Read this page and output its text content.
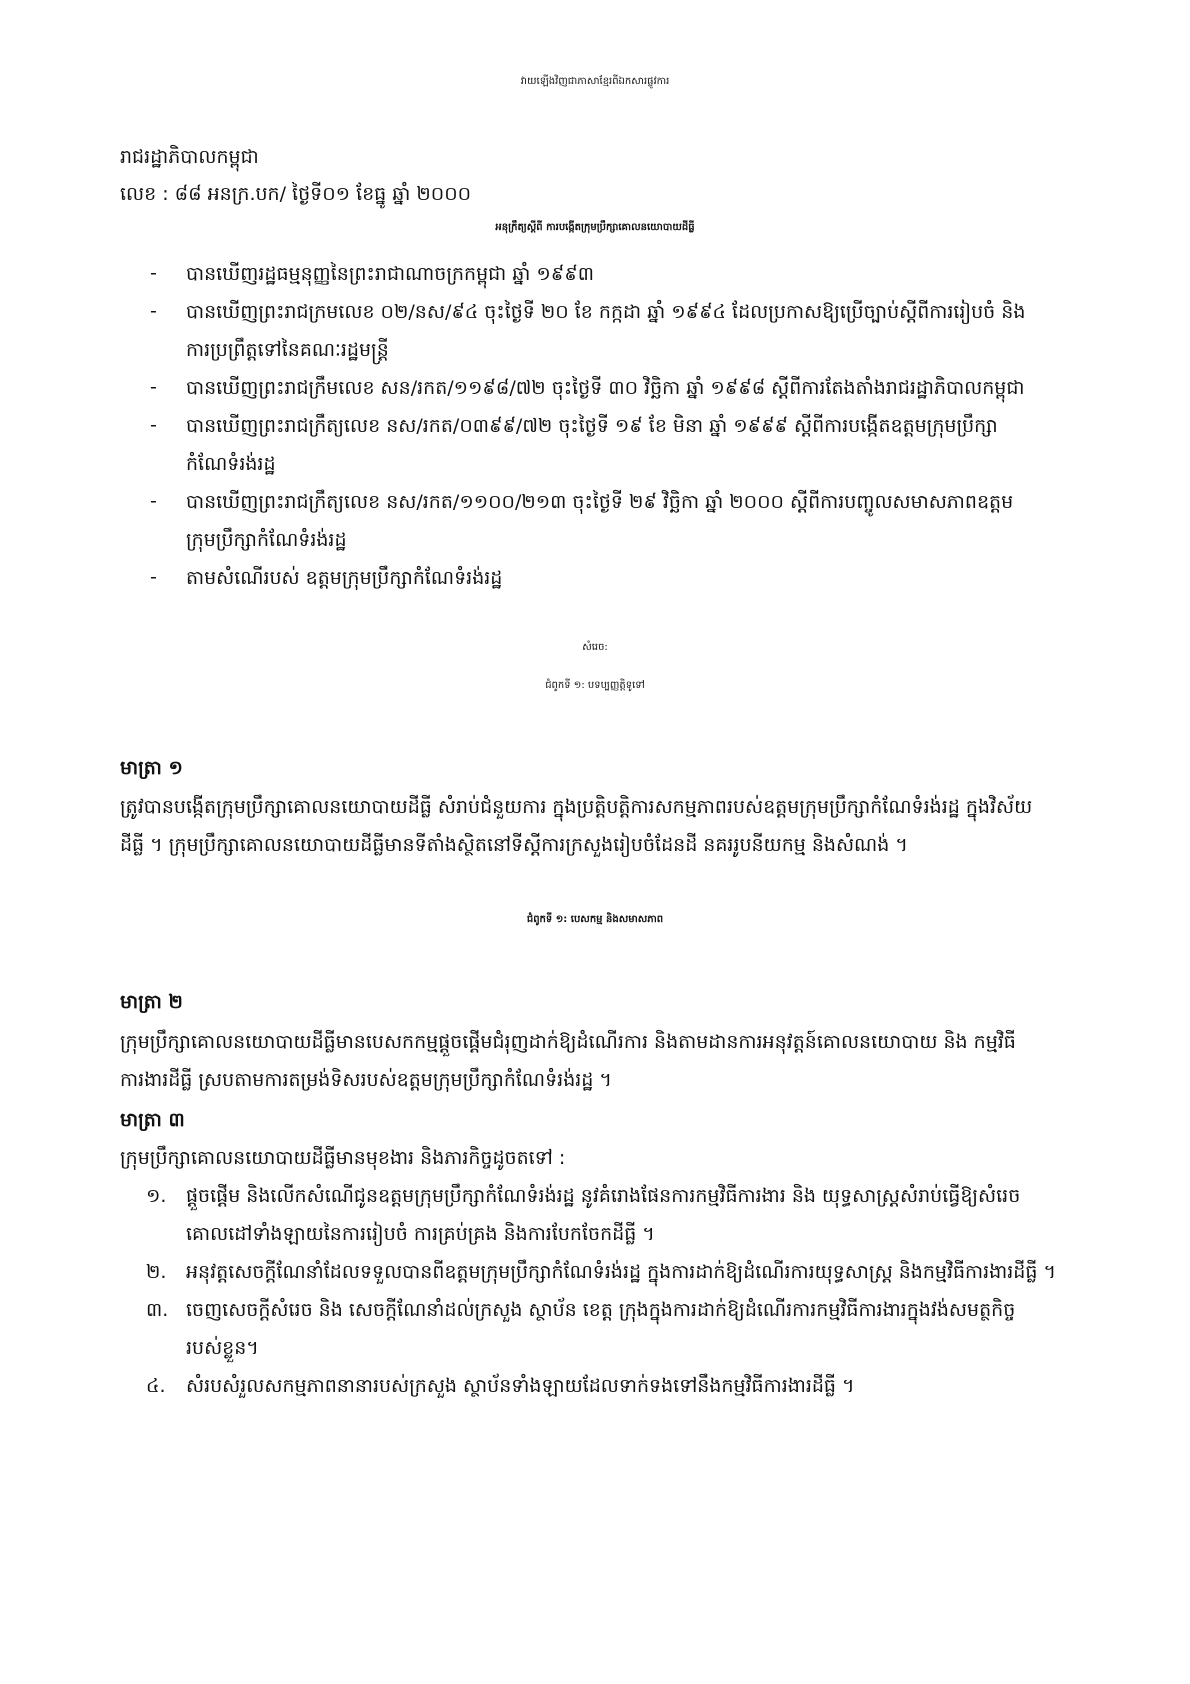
វាយឡើងវិញជាភាសាខ្មែរពីឯកសារផ្លូវការ
រាជរដ្ឋាភិបាលកម្ពុជា
លេខ : ៨៨ អនក្រ.បក/ ថ្ងៃទី០១ ខែធ្នូ ឆ្នាំ ២០០០
អនុក្រឹត្យស្តីពី ការបង្កើតក្រុមប្រឹក្សាគោលនយោបាយដីធ្លី
- បានឃើញរដ្ឋធម្មនុញ្ញនៃព្រះរាជាណាចក្រកម្ពុជា ឆ្នាំ ១៩៩៣
- បានឃើញព្រះរាជក្រមលេខ ០២/នស/៩៤ ចុះថ្ងៃទី ២០ ខែ កក្កដា ឆ្នាំ ១៩៩៤ ដែលប្រកាសឱ្យប្រើច្បាប់ស្តីពីការរៀបចំ និង
ការប្រព្រឹត្តទៅនៃគណៈរដ្ឋមន្ត្រី
- បានឃើញព្រះរាជក្រឹមលេខ សន/រកត/១១៩៨/៧២ ចុះថ្ងៃទី ៣០ វិច្ឆិកា ឆ្នាំ ១៩៩៨ ស្តីពីការតែងតាំងរាជរដ្ឋាភិបាលកម្ពុជា
- បានឃើញព្រះរាជក្រឹត្យលេខ នស/រកត/០៣៩៩/៧២ ចុះថ្ងៃទី ១៩ ខែ មិនា ឆ្នាំ ១៩៩៩ ស្តីពីការបង្កើតឧត្តមក្រុមប្រឹក្សា
កំណែទំរង់រដ្ឋ
- បានឃើញព្រះរាជក្រឹត្យលេខ នស/រកត/១១០០/២១៣ ចុះថ្ងៃទី ២៩ វិច្ឆិកា ឆ្នាំ ២០០០ ស្តីពីការបញ្ចូលសមាសភាពឧត្តម
ក្រុមប្រឹក្សាកំណែទំរង់រដ្ឋ
- តាមសំណើរបស់ ឧត្តមក្រុមប្រឹក្សាកំណែទំរង់រដ្ឋ
សំរេច:
ជំពូកទី ១: បទប្បញ្ញត្តិទូទៅ
មាត្រា ១
ត្រូវបានបង្កើតក្រុមប្រឹក្សាគោលនយោបាយដីធ្លី សំរាប់ជំនួយការ ក្នុងប្រត្តិបត្តិការសកម្មភាពរបស់ឧត្តមក្រុមប្រឹក្សាកំណែទំរង់រដ្ឋ ក្នុងវិស័យ
ដីធ្លី ។ ក្រុមប្រឹក្សាគោលនយោបាយដីធ្លីមានទីតាំងស្ថិតនៅទីស្តីការក្រសួងរៀបចំដែនដី នគររូបនីយកម្ម និងសំណង់ ។
ជំពូកទី ១: បេសកម្ម និងសមាសភាព
មាត្រា ២
ក្រុមប្រឹក្សាគោលនយោបាយដីធ្លីមានបេសកកម្មផ្តួចផ្តើមជំរុញដាក់ឱ្យដំណើរការ និងតាមដានការអនុវត្តន៍គោលនយោបាយ និង កម្មវិធី
ការងារដីធ្លី ស្របតាមការតម្រង់ទិសរបស់ឧត្តមក្រុមប្រឹក្សាកំណែទំរង់រដ្ឋ ។
មាត្រា ៣
ក្រុមប្រឹក្សាគោលនយោបាយដីធ្លីមានមុខងារ និងភារកិច្ចដូចតទៅ :
១. ផ្តួចផ្តើម និងលើកសំណើជូនឧត្តមក្រុមប្រឹក្សាកំណែទំរង់រដ្ឋ នូវគំរោងផែនការកម្មវិធីការងារ និង យុទ្ធសាស្ត្រសំរាប់ធ្វើឱ្យសំរេច
គោលដៅទាំងឡាយនៃការរៀបចំ ការគ្រប់គ្រង និងការបែកចែកដីធ្លី ។
២. អនុវត្តសេចក្តីណែនាំដែលទទួលបានពីឧត្តមក្រុមប្រឹក្សាកំណែទំរង់រដ្ឋ ក្នុងការដាក់ឱ្យដំណើរការយុទ្ធសាស្ត្រ និងកម្មវិធីការងារដីធ្លី ។
៣. ចេញសេចក្តីសំរេច និង សេចក្តីណែនាំដល់ក្រសួង ស្ថាប័ន ខេត្ត ក្រុងក្នុងការដាក់ឱ្យដំណើរការកម្មវិធីការងារក្នុងវង់សមត្ថកិច្ច
របស់ខ្លួន។
៤. សំរបសំរួលសកម្មភាពនានារបស់ក្រសួង ស្ថាប័នទាំងឡាយដែលទាក់ទងទៅនឹងកម្មវិធីការងារដីធ្លី ។
